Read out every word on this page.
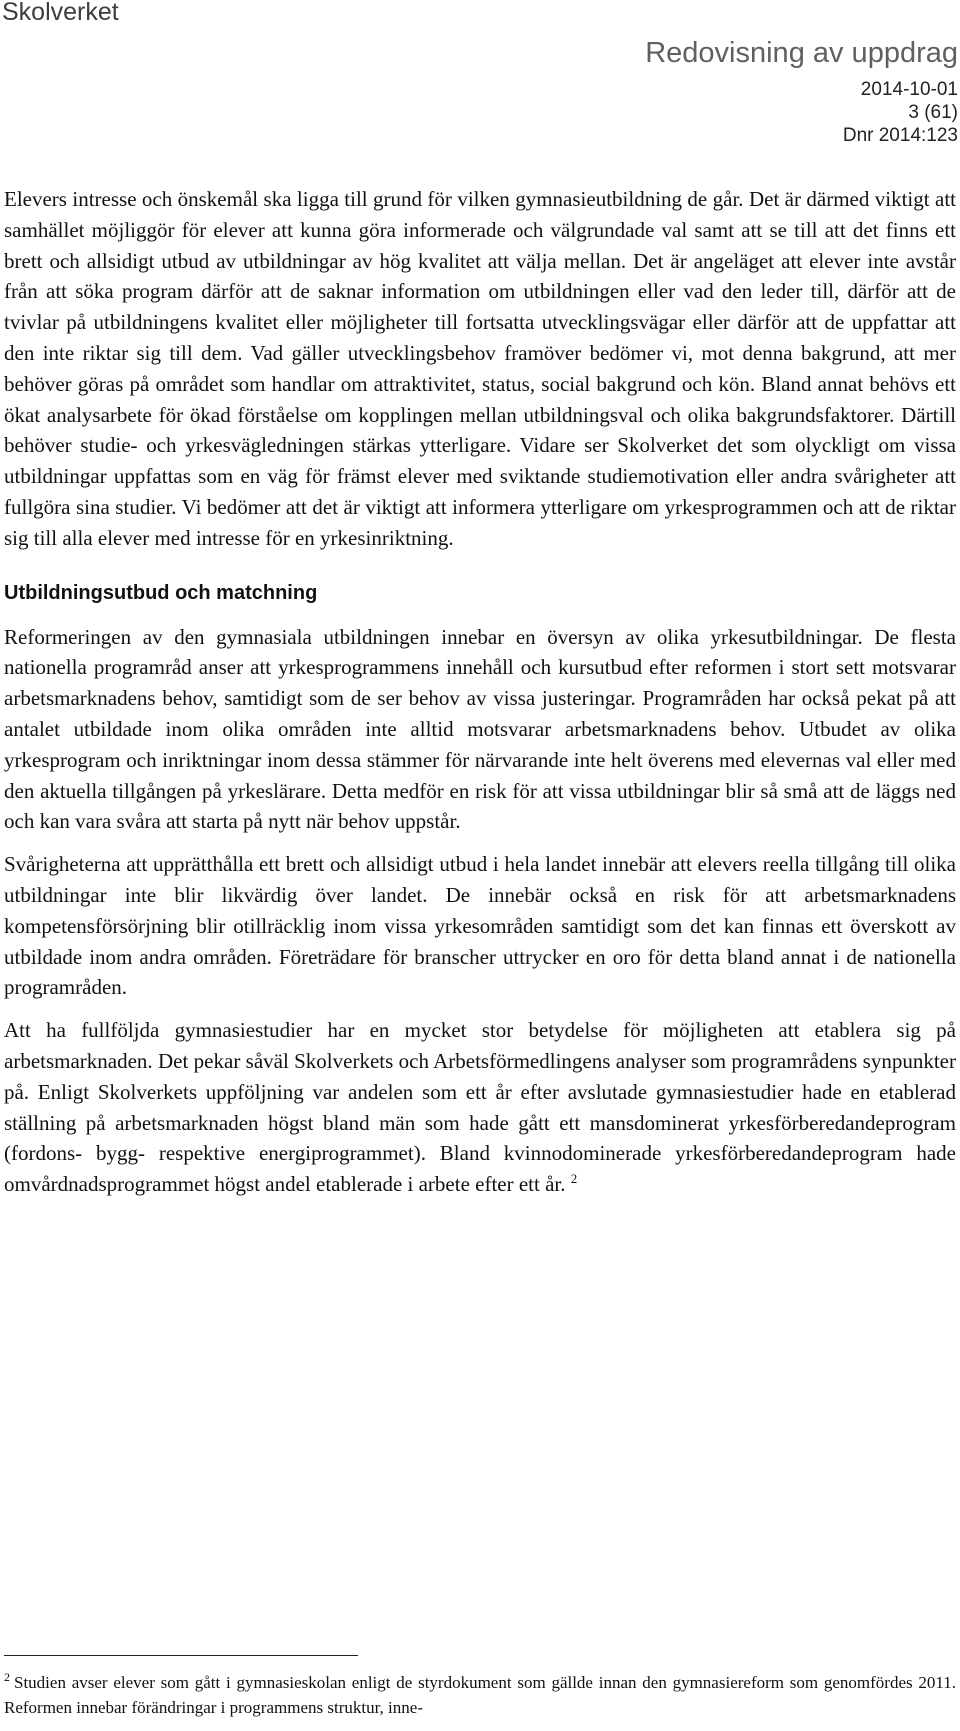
Skolverket
Redovisning av uppdrag
2014-10-01
3 (61)
Dnr 2014:123

Elevers intresse och önskemål ska ligga till grund för vilken gymnasieutbildning de går. Det är därmed viktigt att samhället möjliggör för elever att kunna göra informerade och välgrundade val samt att se till att det finns ett brett och allsidigt utbud av utbildningar av hög kvalitet att välja mellan. Det är angeläget att elever inte avstår från att söka program därför att de saknar information om utbildningen eller vad den leder till, därför att de tvivlar på utbildningens kvalitet eller möjligheter till fortsatta utvecklingsvägar eller därför att de uppfattar att den inte riktar sig till dem. Vad gäller utvecklingsbehov framöver bedömer vi, mot denna bakgrund, att mer behöver göras på området som handlar om attraktivitet, status, social bakgrund och kön. Bland annat behövs ett ökat analysarbete för ökad förståelse om kopplingen mellan utbildningsval och olika bakgrundsfaktorer. Därtill behöver studie- och yrkesvägledningen stärkas ytterligare. Vidare ser Skolverket det som olyckligt om vissa utbildningar uppfattas som en väg för främst elever med sviktande studiemotivation eller andra svårigheter att fullgöra sina studier. Vi bedömer att det är viktigt att informera ytterligare om yrkesprogrammen och att de riktar sig till alla elever med intresse för en yrkesinriktning.

Utbildningsutbud och matchning

Reformeringen av den gymnasiala utbildningen innebar en översyn av olika yrkesutbildningar. De flesta nationella programråd anser att yrkesprogrammens innehåll och kursutbud efter reformen i stort sett motsvarar arbetsmarknadens behov, samtidigt som de ser behov av vissa justeringar. Programråden har också pekat på att antalet utbildade inom olika områden inte alltid motsvarar arbetsmarknadens behov. Utbudet av olika yrkesprogram och inriktningar inom dessa stämmer för närvarande inte helt överens med elevernas val eller med den aktuella tillgången på yrkeslärare. Detta medför en risk för att vissa utbildningar blir så små att de läggs ned och kan vara svåra att starta på nytt när behov uppstår.

Svårigheterna att upprätthålla ett brett och allsidigt utbud i hela landet innebär att elevers reella tillgång till olika utbildningar inte blir likvärdig över landet. De innebär också en risk för att arbetsmarknadens kompetensförsörjning blir otillräcklig inom vissa yrkesområden samtidigt som det kan finnas ett överskott av utbildade inom andra områden. Företrädare för branscher uttrycker en oro för detta bland annat i de nationella programråden.

Att ha fullföljda gymnasiestudier har en mycket stor betydelse för möjligheten att etablera sig på arbetsmarknaden. Det pekar såväl Skolverkets och Arbetsförmedlingens analyser som programrådens synpunkter på. Enligt Skolverkets uppföljning var andelen som ett år efter avslutade gymnasiestudier hade en etablerad ställning på arbetsmarknaden högst bland män som hade gått ett mansdominerat yrkesförberedandeprogram (fordons- bygg- respektive energiprogrammet). Bland kvinnodominerade yrkesförberedandeprogram hade omvårdnadsprogrammet högst andel etablerade i arbete efter ett år. $^2$

$^2$ Studien avser elever som gått i gymnasieskolan enligt de styrdokument som gällde innan den gymnasiereform som genomfördes 2011. Reformen innebar förändringar i programmens struktur, inne-
